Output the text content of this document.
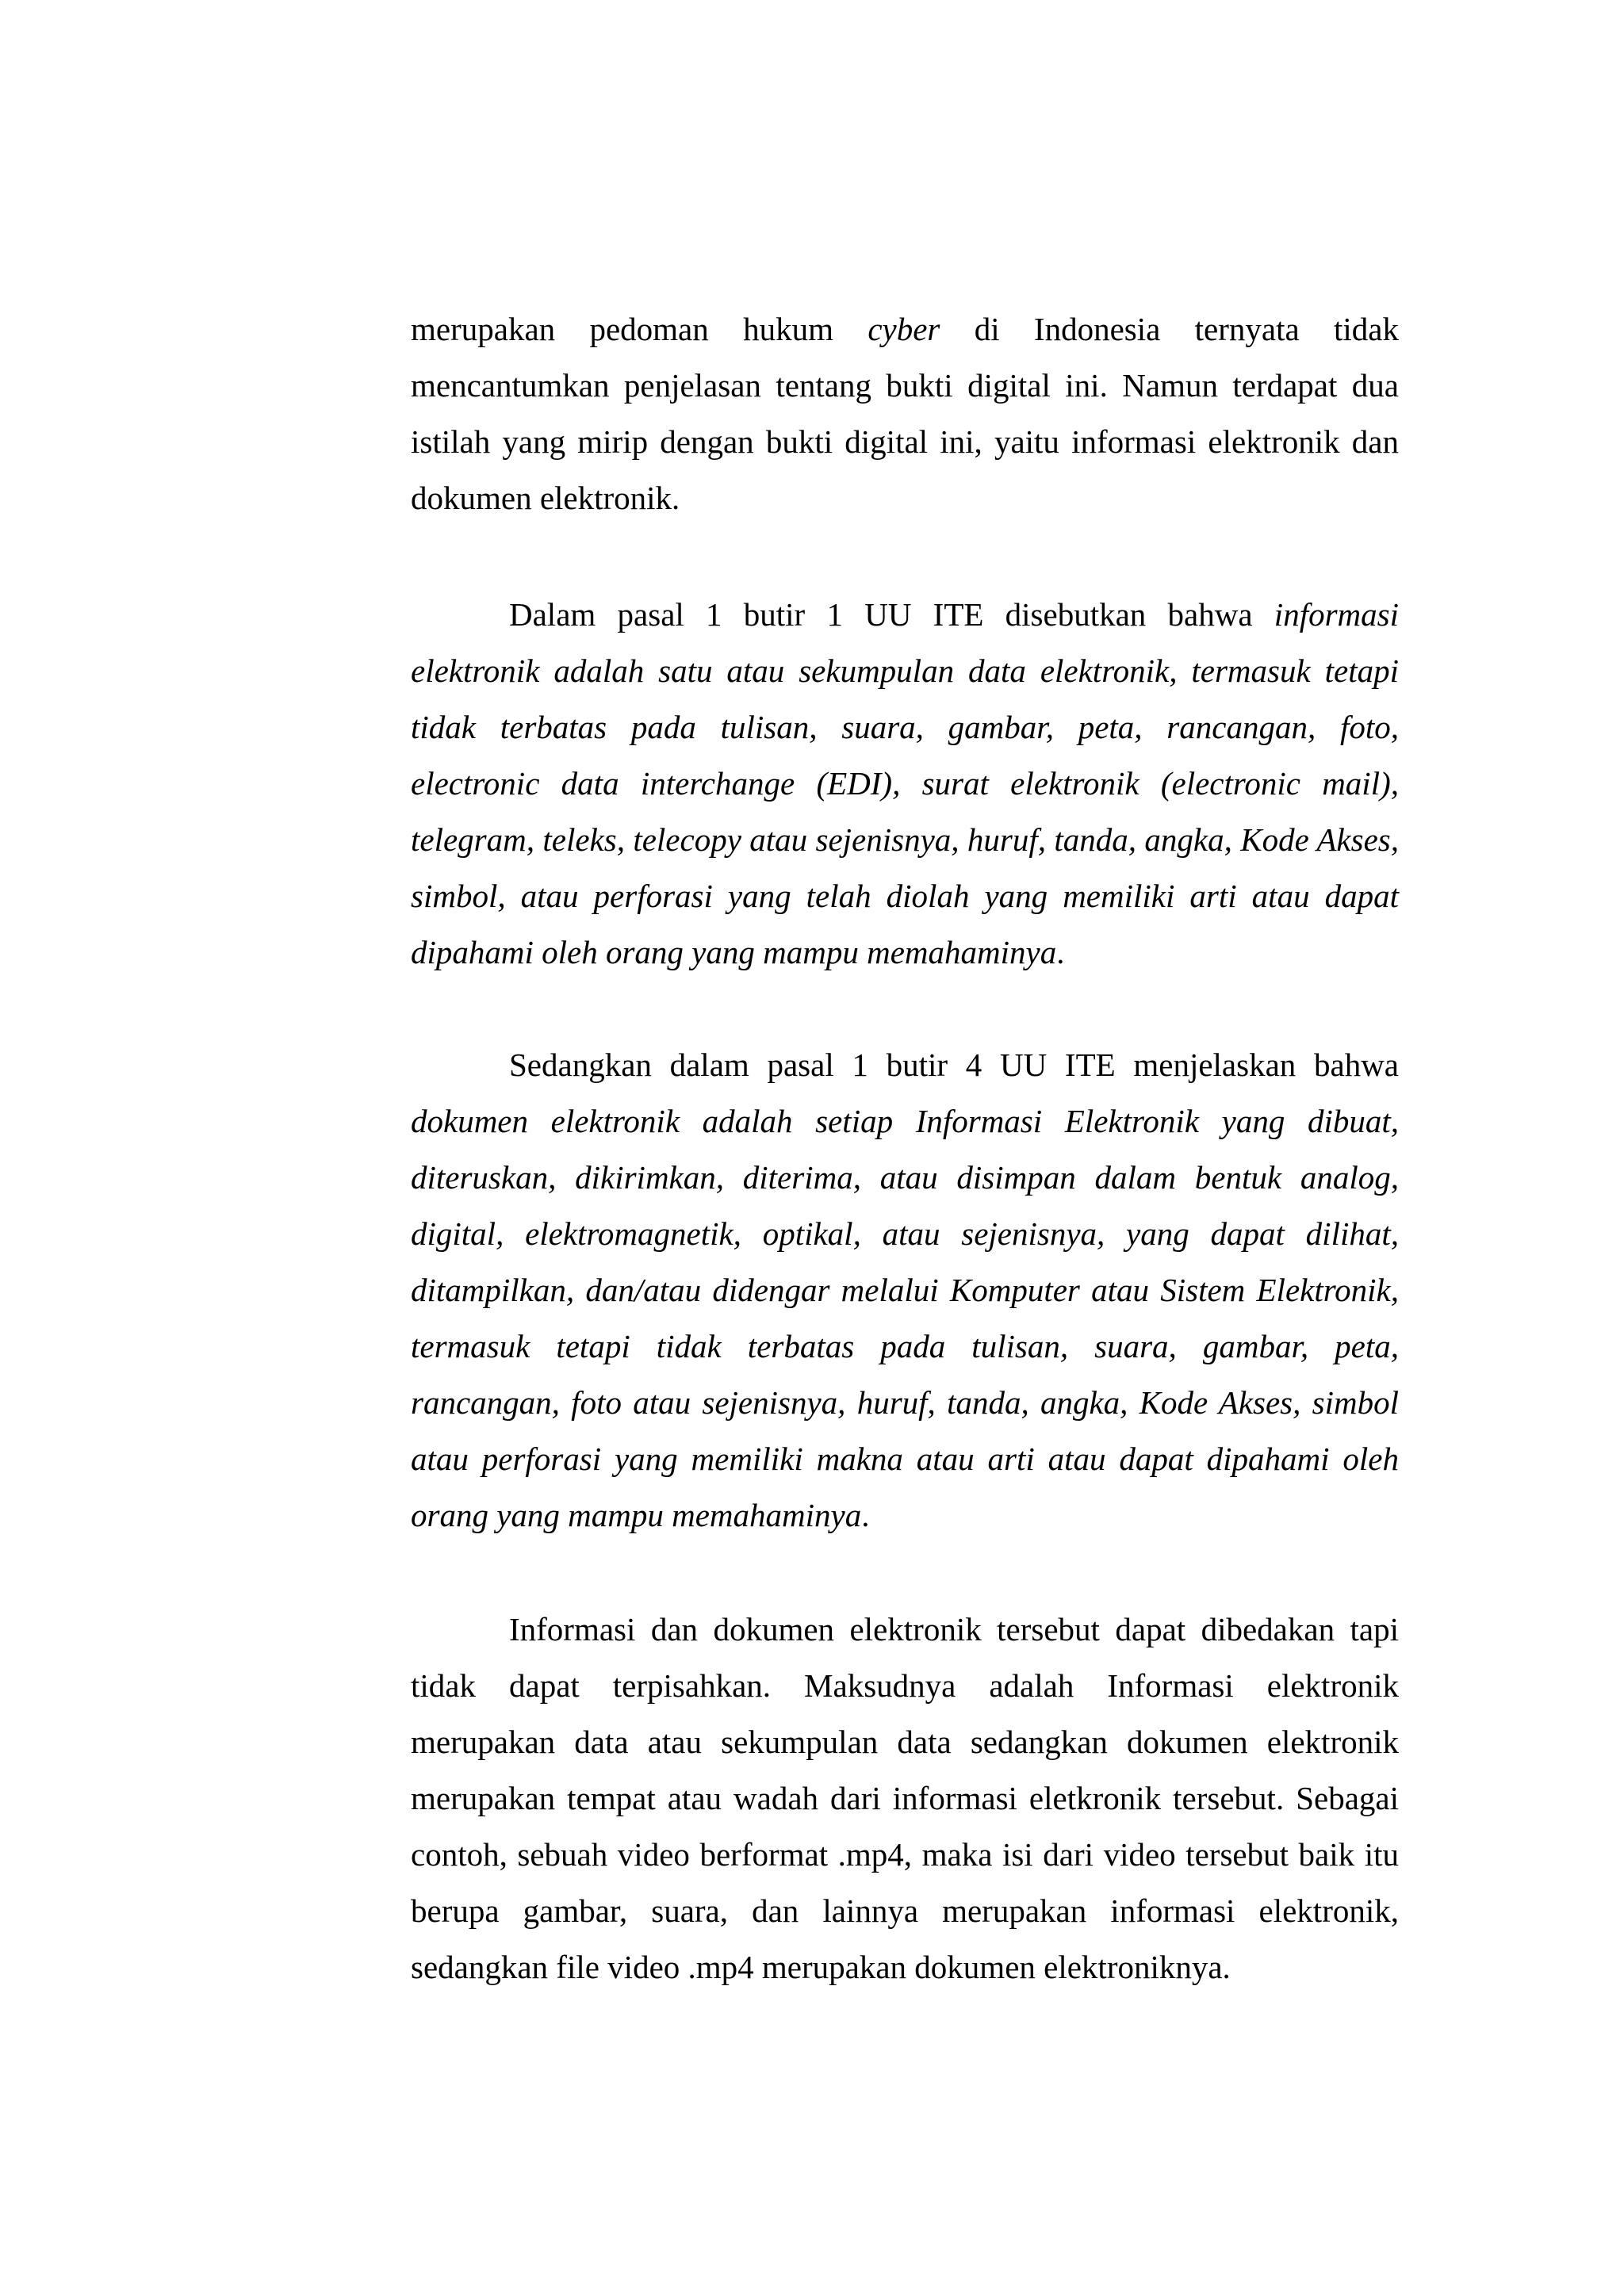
merupakan pedoman hukum cyber di Indonesia ternyata tidak mencantumkan penjelasan tentang bukti digital ini. Namun terdapat dua istilah yang mirip dengan bukti digital ini, yaitu informasi elektronik dan dokumen elektronik.

Dalam pasal 1 butir 1 UU ITE disebutkan bahwa informasi elektronik adalah satu atau sekumpulan data elektronik, termasuk tetapi tidak terbatas pada tulisan, suara, gambar, peta, rancangan, foto, electronic data interchange (EDI), surat elektronik (electronic mail), telegram, teleks, telecopy atau sejenisnya, huruf, tanda, angka, Kode Akses, simbol, atau perforasi yang telah diolah yang memiliki arti atau dapat dipahami oleh orang yang mampu memahaminya.

Sedangkan dalam pasal 1 butir 4 UU ITE menjelaskan bahwa dokumen elektronik adalah setiap Informasi Elektronik yang dibuat, diteruskan, dikirimkan, diterima, atau disimpan dalam bentuk analog, digital, elektromagnetik, optikal, atau sejenisnya, yang dapat dilihat, ditampilkan, dan/atau didengar melalui Komputer atau Sistem Elektronik, termasuk tetapi tidak terbatas pada tulisan, suara, gambar, peta, rancangan, foto atau sejenisnya, huruf, tanda, angka, Kode Akses, simbol atau perforasi yang memiliki makna atau arti atau dapat dipahami oleh orang yang mampu memahaminya.

Informasi dan dokumen elektronik tersebut dapat dibedakan tapi tidak dapat terpisahkan. Maksudnya adalah Informasi elektronik merupakan data atau sekumpulan data sedangkan dokumen elektronik merupakan tempat atau wadah dari informasi eletkronik tersebut. Sebagai contoh, sebuah video berformat .mp4, maka isi dari video tersebut baik itu berupa gambar, suara, dan lainnya merupakan informasi elektronik, sedangkan file video .mp4 merupakan dokumen elektroniknya.
